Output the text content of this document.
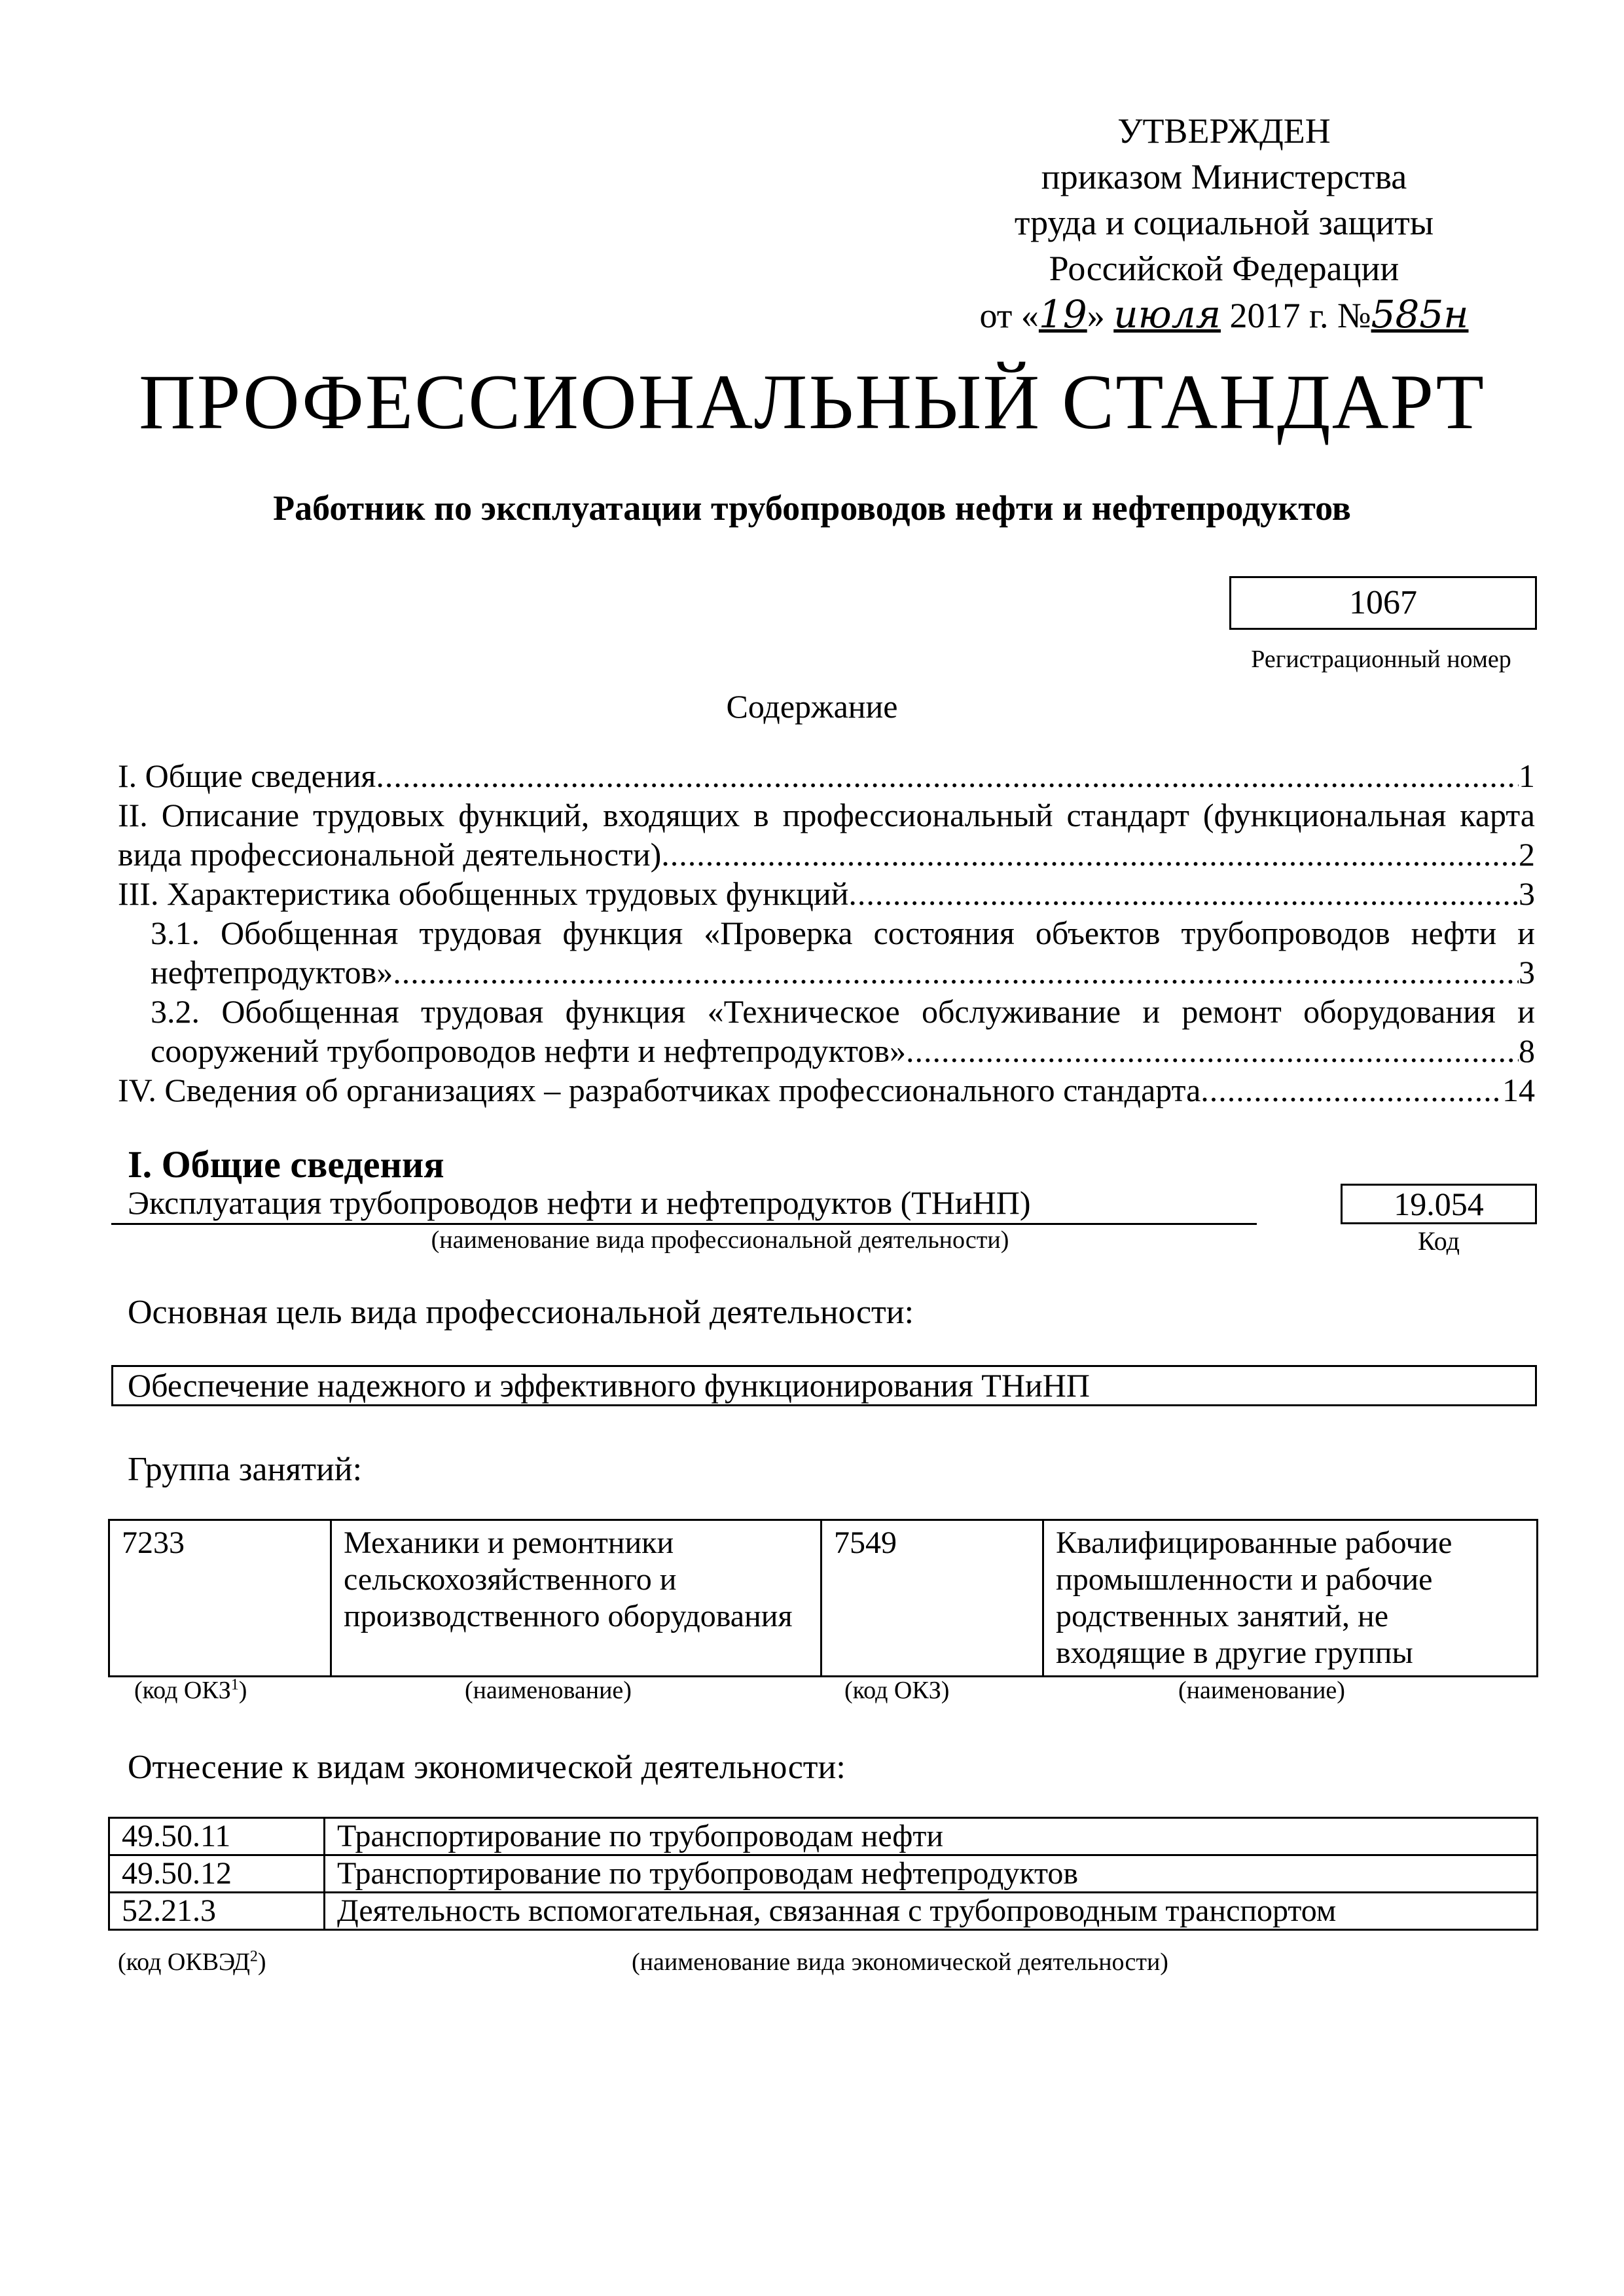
УТВЕРЖДЕН
приказом Министерства
труда и социальной защиты
Российской Федерации
от «19» июля 2017 г. №585н
ПРОФЕССИОНАЛЬНЫЙ СТАНДАРТ
Работник по эксплуатации трубопроводов нефти и нефтепродуктов
1067
Регистрационный номер
Содержание
I. Общие сведения .....	1
II. Описание трудовых функций, входящих в профессиональный стандарт (функциональная карта
вида профессиональной деятельности) .....	2
III. Характеристика обобщенных трудовых функций .....	3
3.1. Обобщенная трудовая функция «Проверка состояния объектов трубопроводов нефти и
нефтепродуктов» .....	3
3.2. Обобщенная трудовая функция «Техническое обслуживание и ремонт оборудования и
сооружений трубопроводов нефти и нефтепродуктов» .....	8
IV. Сведения об организациях – разработчиках профессионального стандарта .....	14
I. Общие сведения
Эксплуатация трубопроводов нефти и нефтепродуктов (ТНиНП)
(наименование вида профессиональной деятельности)
19.054
Код
Основная цель вида профессиональной деятельности:
Обеспечение надежного и эффективного функционирования ТНиНП
Группа занятий:
7233	Механики и ремонтники сельскохозяйственного и производственного оборудования	7549	Квалифицированные рабочие промышленности и рабочие родственных занятий, не входящие в другие группы
(код ОКЗ$^1$)	(наименование)	(код ОКЗ)	(наименование)
Отнесение к видам экономической деятельности:
49.50.11	Транспортирование по трубопроводам нефти
49.50.12	Транспортирование по трубопроводам нефтепродуктов
52.21.3	Деятельность вспомогательная, связанная с трубопроводным транспортом
(код ОКВЭД$^2$)	(наименование вида экономической деятельности)
